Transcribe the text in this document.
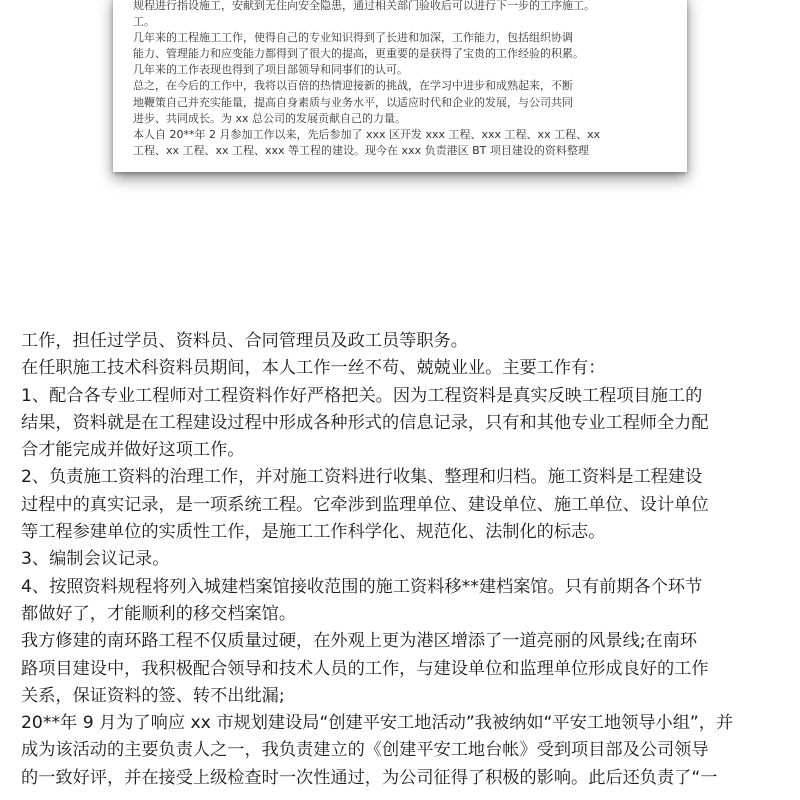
规程进行指设施工，安献到无住向安全隐患，通过相关部门验收后可以进行下一步的工序施工。
工。
几年来的工程施工工作，使得自己的专业知识得到了长进和加深，工作能力，包括组织协调
能力、管理能力和应变能力都得到了很大的提高，更重要的是获得了宝贵的工作经验的积累。
几年来的工作表现也得到了项目部领导和同事们的认可。
总之，在今后的工作中，我将以百倍的热情迎接新的挑战，在学习中进步和成熟起来，不断
地鞭策自己并充实能量，提高自身素质与业务水平，以适应时代和企业的发展，与公司共同
进步、共同成长。为 xx 总公司的发展贡献自己的力量。
本人自 20**年 2 月参加工作以来，先后参加了 xxx 区开发 xxx 工程、xxx 工程、xx 工程、xx
工程、xx 工程、xx 工程、xxx 等工程的建设。现今在 xxx 负责港区 BT 项目建设的资料整理
工作，担任过学员、资料员、合同管理员及政工员等职务。
在任职施工技术科资料员期间，本人工作一丝不苟、兢兢业业。主要工作有：
1、配合各专业工程师对工程资料作好严格把关。因为工程资料是真实反映工程项目施工的
结果，资料就是在工程建设过程中形成各种形式的信息记录，只有和其他专业工程师全力配
合才能完成并做好这项工作。
2、负责施工资料的治理工作，并对施工资料进行收集、整理和归档。施工资料是工程建设
过程中的真实记录，是一项系统工程。它牵涉到监理单位、建设单位、施工单位、设计单位
等工程参建单位的实质性工作，是施工工作科学化、规范化、法制化的标志。
3、编制会议记录。
4、按照资料规程将列入城建档案馆接收范围的施工资料移**建档案馆。只有前期各个环节
都做好了，才能顺利的移交档案馆。
我方修建的南环路工程不仅质量过硬，在外观上更为港区增添了一道亮丽的风景线;在南环
路项目建设中，我积极配合领导和技术人员的工作，与建设单位和监理单位形成良好的工作
关系，保证资料的签、转不出纰漏;
20**年 9 月为了响应 xx 市规划建设局“创建平安工地活动”我被纳如“平安工地领导小组”，并
成为该活动的主要负责人之一，我负责建立的《创建平安工地台帐》受到项目部及公司领导
的一致好评，并在接受上级检查时一次性通过，为公司征得了积极的影响。此后还负责了“一
